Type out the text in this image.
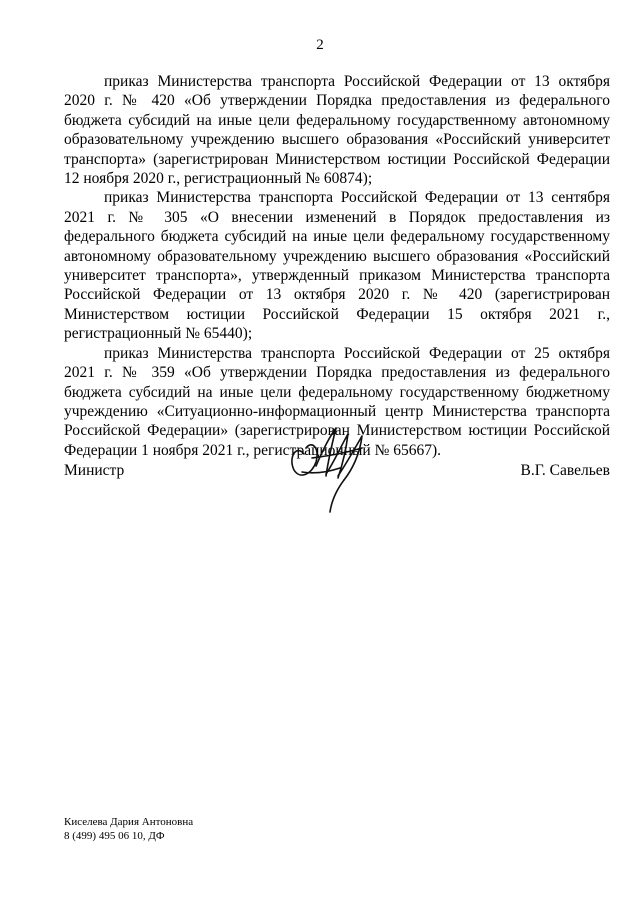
2

приказ Министерства транспорта Российской Федерации от 13 октября 2020 г. № 420 «Об утверждении Порядка предоставления из федерального бюджета субсидий на иные цели федеральному государственному автономному образовательному учреждению высшего образования «Российский университет транспорта» (зарегистрирован Министерством юстиции Российской Федерации 12 ноября 2020 г., регистрационный № 60874);

приказ Министерства транспорта Российской Федерации от 13 сентября 2021 г. № 305 «О внесении изменений в Порядок предоставления из федерального бюджета субсидий на иные цели федеральному государственному автономному образовательному учреждению высшего образования «Российский университет транспорта», утвержденный приказом Министерства транспорта Российской Федерации от 13 октября 2020 г. № 420 (зарегистрирован Министерством юстиции Российской Федерации 15 октября 2021 г., регистрационный № 65440);

приказ Министерства транспорта Российской Федерации от 25 октября 2021 г. № 359 «Об утверждении Порядка предоставления из федерального бюджета субсидий на иные цели федеральному государственному бюджетному учреждению «Ситуационно-информационный центр Министерства транспорта Российской Федерации» (зарегистрирован Министерством юстиции Российской Федерации 1 ноября 2021 г., регистрационный № 65667).

Министр	В.Г. Савельев
Киселева Дария Антоновна
8 (499) 495 06 10, ДФ
